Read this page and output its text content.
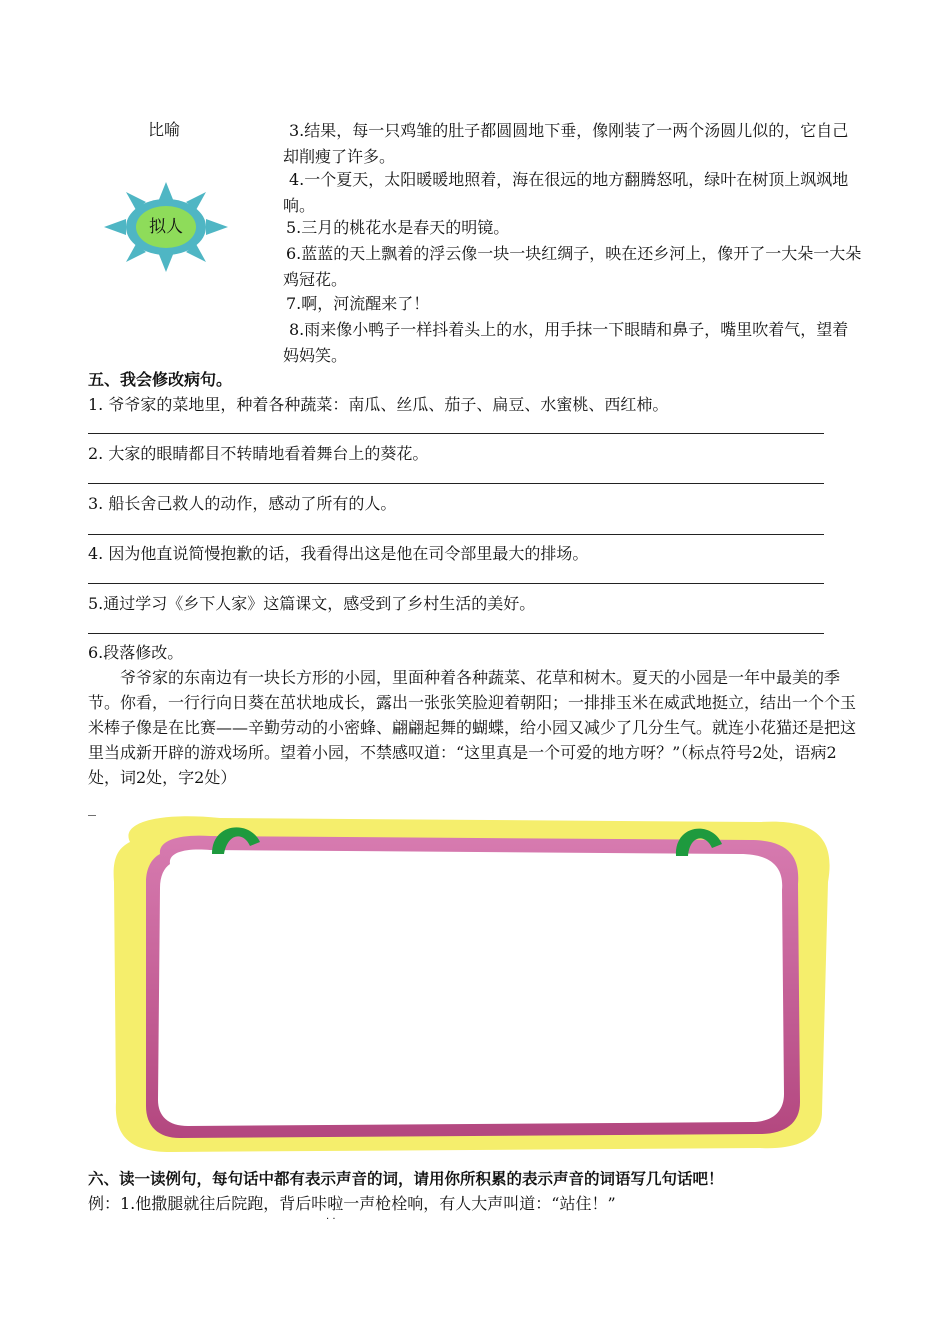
比喻
拟人
3.结果，每一只鸡雏的肚子都圆圆地下垂，像刚装了一两个汤圆儿似的，它自己却削瘦了许多。
4.一个夏天，太阳暖暖地照着，海在很远的地方翻腾怒吼，绿叶在树顶上飒飒地响。
5.三月的桃花水是春天的明镜。
6.蓝蓝的天上飘着的浮云像一块一块红绸子，映在还乡河上，像开了一大朵一大朵鸡冠花。
7.啊，河流醒来了！
8.雨来像小鸭子一样抖着头上的水，用手抹一下眼睛和鼻子，嘴里吹着气，望着妈妈笑。
五、我会修改病句。
1. 爷爷家的菜地里，种着各种蔬菜：南瓜、丝瓜、茄子、扁豆、水蜜桃、西红柿。
2. 大家的眼睛都目不转睛地看着舞台上的葵花。
3. 船长舍己救人的动作，感动了所有的人。
4. 因为他直说简慢抱歉的话，我看得出这是他在司令部里最大的排场。
5.通过学习《乡下人家》这篇课文，感受到了乡村生活的美好。
6.段落修改。
爷爷家的东南边有一块长方形的小园，里面种着各种蔬菜、花草和树木。夏天的小园是一年中最美的季节。你看，一行行向日葵在茁状地成长，露出一张张笑脸迎着朝阳；一排排玉米在威武地挺立，结出一个个玉米棒子像是在比赛——辛勤劳动的小密蜂、翩翩起舞的蝴蝶，给小园又减少了几分生气。就连小花猫还是把这里当成新开辟的游戏场所。望着小园，不禁感叹道：“这里真是一个可爱的地方呀？”（标点符号2处，语病2处，词2处，字2处）
_
六、读一读例句，每句话中都有表示声音的词，请用你所积累的表示声音的词语写几句话吧！
例：1.他撒腿就往后院跑，背后咔啦一声枪栓响，有人大声叫道：“站住！”
· ·
